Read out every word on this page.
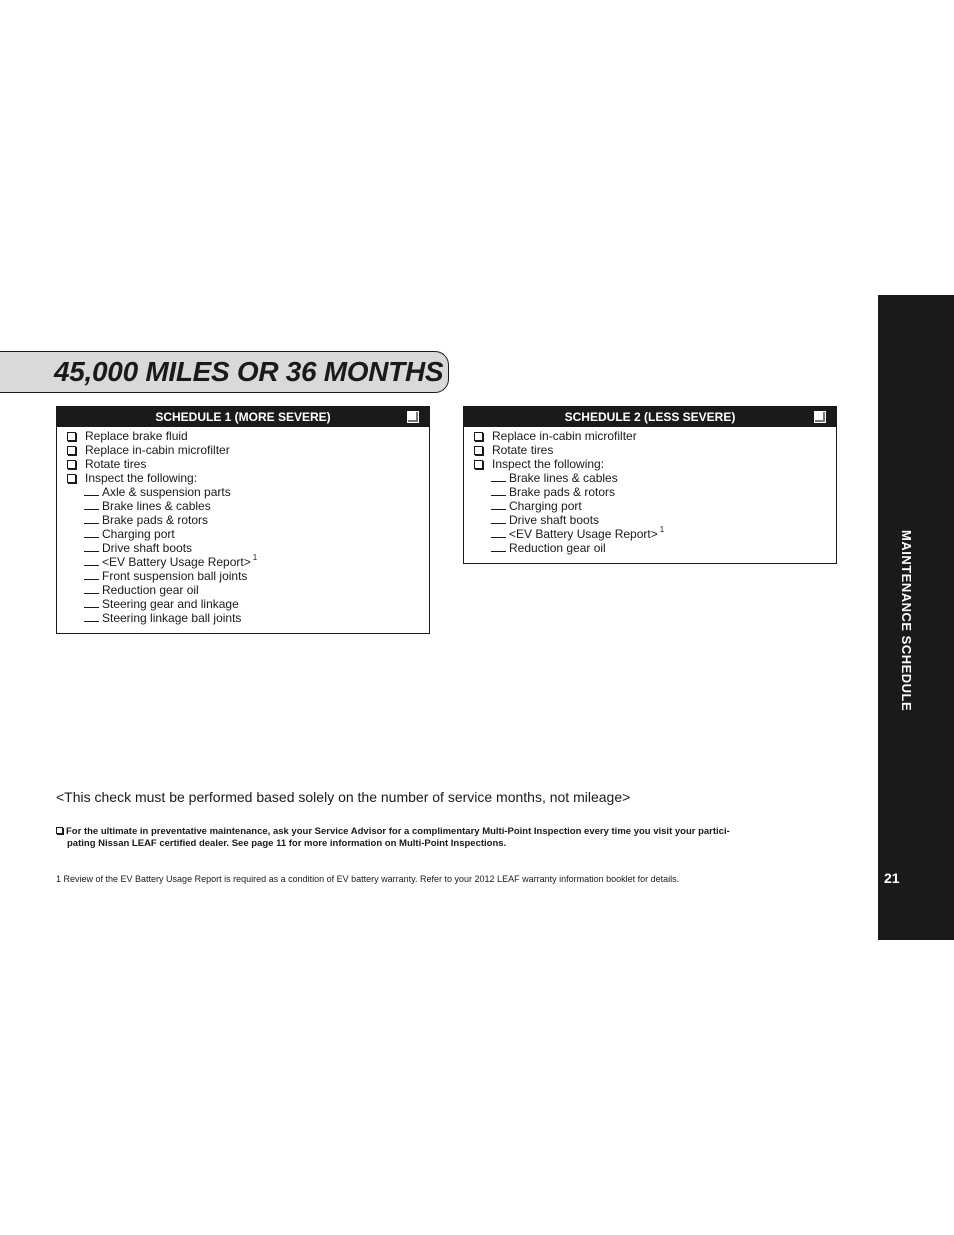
45,000 MILES OR 36 MONTHS
SCHEDULE 1 (MORE SEVERE)
Replace brake fluid
Replace in-cabin microfilter
Rotate tires
Inspect the following:
Axle & suspension parts
Brake lines & cables
Brake pads & rotors
Charging port
Drive shaft boots
<EV Battery Usage Report> $^1$
Front suspension ball joints
Reduction gear oil
Steering gear and linkage
Steering linkage ball joints
SCHEDULE 2 (LESS SEVERE)
Replace in-cabin microfilter
Rotate tires
Inspect the following:
Brake lines & cables
Brake pads & rotors
Charging port
Drive shaft boots
<EV Battery Usage Report> $^1$
Reduction gear oil
<This check must be performed based solely on the number of service months, not mileage>
For the ultimate in preventative maintenance, ask your Service Advisor for a complimentary Multi-Point Inspection every time you visit your partici-
pating Nissan LEAF certified dealer. See page 11 for more information on Multi-Point Inspections.
1 Review of the EV Battery Usage Report is required as a condition of EV battery warranty. Refer to your 2012 LEAF warranty information booklet for details.
MAINTENANCE SCHEDULE
21
